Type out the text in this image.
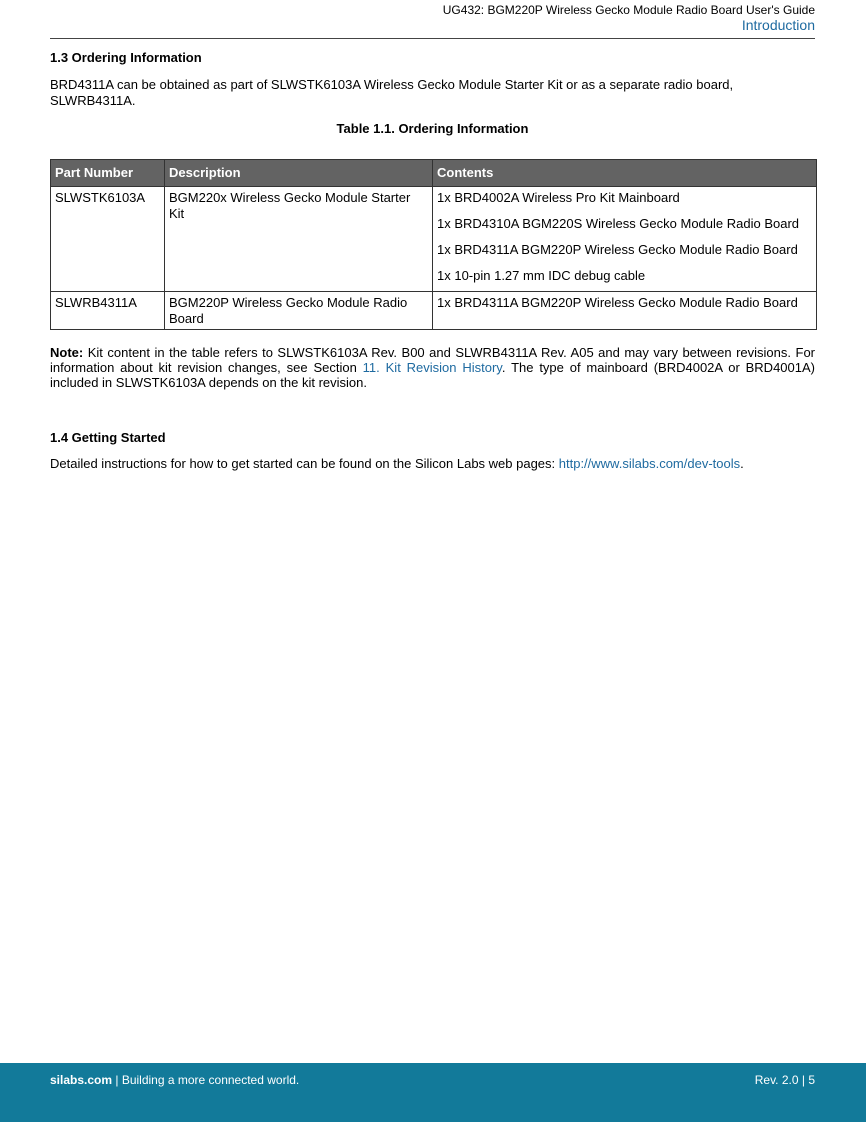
UG432: BGM220P Wireless Gecko Module Radio Board User's Guide
Introduction
1.3 Ordering Information
BRD4311A can be obtained as part of SLWSTK6103A Wireless Gecko Module Starter Kit or as a separate radio board, SLWRB4311A.
Table 1.1. Ordering Information
Part Number	Description	Contents
SLWSTK6103A	BGM220x Wireless Gecko Module Starter Kit	1x BRD4002A Wireless Pro Kit Mainboard
		1x BRD4310A BGM220S Wireless Gecko Module Radio Board
		1x BRD4311A BGM220P Wireless Gecko Module Radio Board
		1x 10-pin 1.27 mm IDC debug cable
SLWRB4311A	BGM220P Wireless Gecko Module Radio Board	1x BRD4311A BGM220P Wireless Gecko Module Radio Board
Note: Kit content in the table refers to SLWSTK6103A Rev. B00 and SLWRB4311A Rev. A05 and may vary between revisions. For information about kit revision changes, see Section 11. Kit Revision History. The type of mainboard (BRD4002A or BRD4001A) included in SLWSTK6103A depends on the kit revision.
1.4 Getting Started
Detailed instructions for how to get started can be found on the Silicon Labs web pages: http://www.silabs.com/dev-tools.
silabs.com | Building a more connected world.	Rev. 2.0 | 5
